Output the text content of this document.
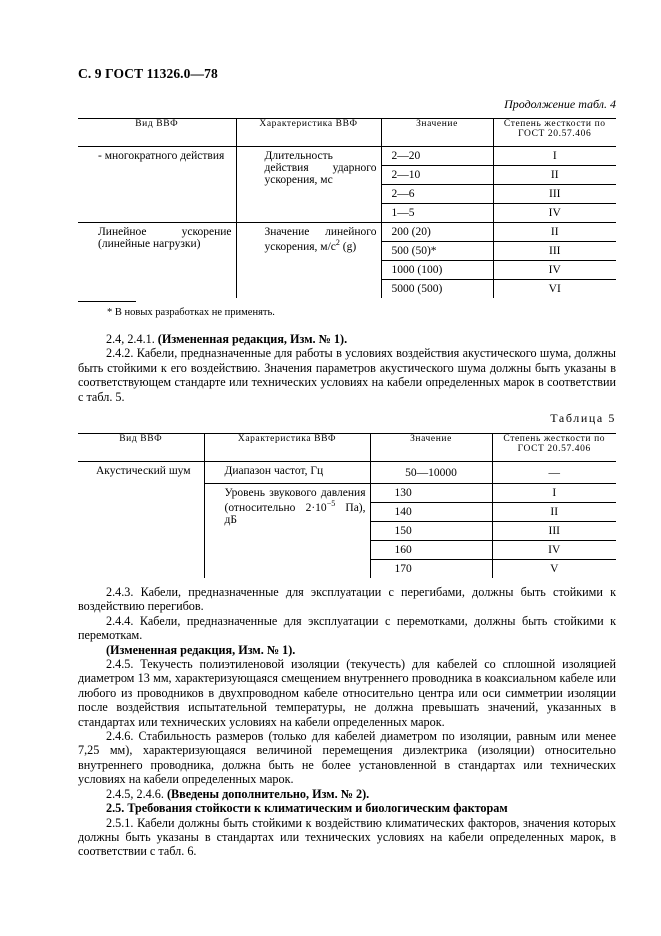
С. 9 ГОСТ 11326.0—78
Продолжение табл. 4
Вид ВВФ	Характеристика ВВФ	Значение	Степень жесткости по ГОСТ 20.57.406
- многократного действия	Длительность действия ударного ускорения, мс	2—20	I
		2—10	II
		2—6	III
		1—5	IV
Линейное ускорение (линейные нагрузки)	Значение линейного ускорения, $м/с^2$ (g)	200 (20)	II
		500 (50)*	III
		1000 (100)	IV
		5000 (500)	VI
* В новых разработках не применять.

2.4, 2.4.1. (Измененная редакция, Изм. № 1).

2.4.2. Кабели, предназначенные для работы в условиях воздействия акустического шума, должны быть стойкими к его воздействию. Значения параметров акустического шума должны быть указаны в соответствующем стандарте или технических условиях на кабели определенных марок в соответствии с табл. 5.

Таблица 5
Вид ВВФ	Характеристика ВВФ	Значение	Степень жесткости по ГОСТ 20.57.406
Акустический шум	Диапазон частот, Гц	50—10000	—
	Уровень звукового давления (относительно $2\cdot 10^{-5}$ Па), дБ	130	I
		140	II
		150	III
		160	IV
		170	V

2.4.3. Кабели, предназначенные для эксплуатации с перегибами, должны быть стойкими к воздействию перегибов.

2.4.4. Кабели, предназначенные для эксплуатации с перемотками, должны быть стойкими к перемоткам.

(Измененная редакция, Изм. № 1).

2.4.5. Текучесть полиэтиленовой изоляции (текучесть) для кабелей со сплошной изоляцией диаметром 13 мм, характеризующаяся смещением внутреннего проводника в коаксиальном кабеле или любого из проводников в двухпроводном кабеле относительно центра или оси симметрии изоляции после воздействия испытательной температуры, не должна превышать значений, указанных в стандартах или технических условиях на кабели определенных марок.

2.4.6. Стабильность размеров (только для кабелей диаметром по изоляции, равным или менее 7,25 мм), характеризующаяся величиной перемещения диэлектрика (изоляции) относительно внутреннего проводника, должна быть не более установленной в стандартах или технических условиях на кабели определенных марок.

2.4.5, 2.4.6. (Введены дополнительно, Изм. № 2).

2.5. Требования стойкости к климатическим и биологическим факторам

2.5.1. Кабели должны быть стойкими к воздействию климатических факторов, значения которых должны быть указаны в стандартах или технических условиях на кабели определенных марок, в соответствии с табл. 6.
